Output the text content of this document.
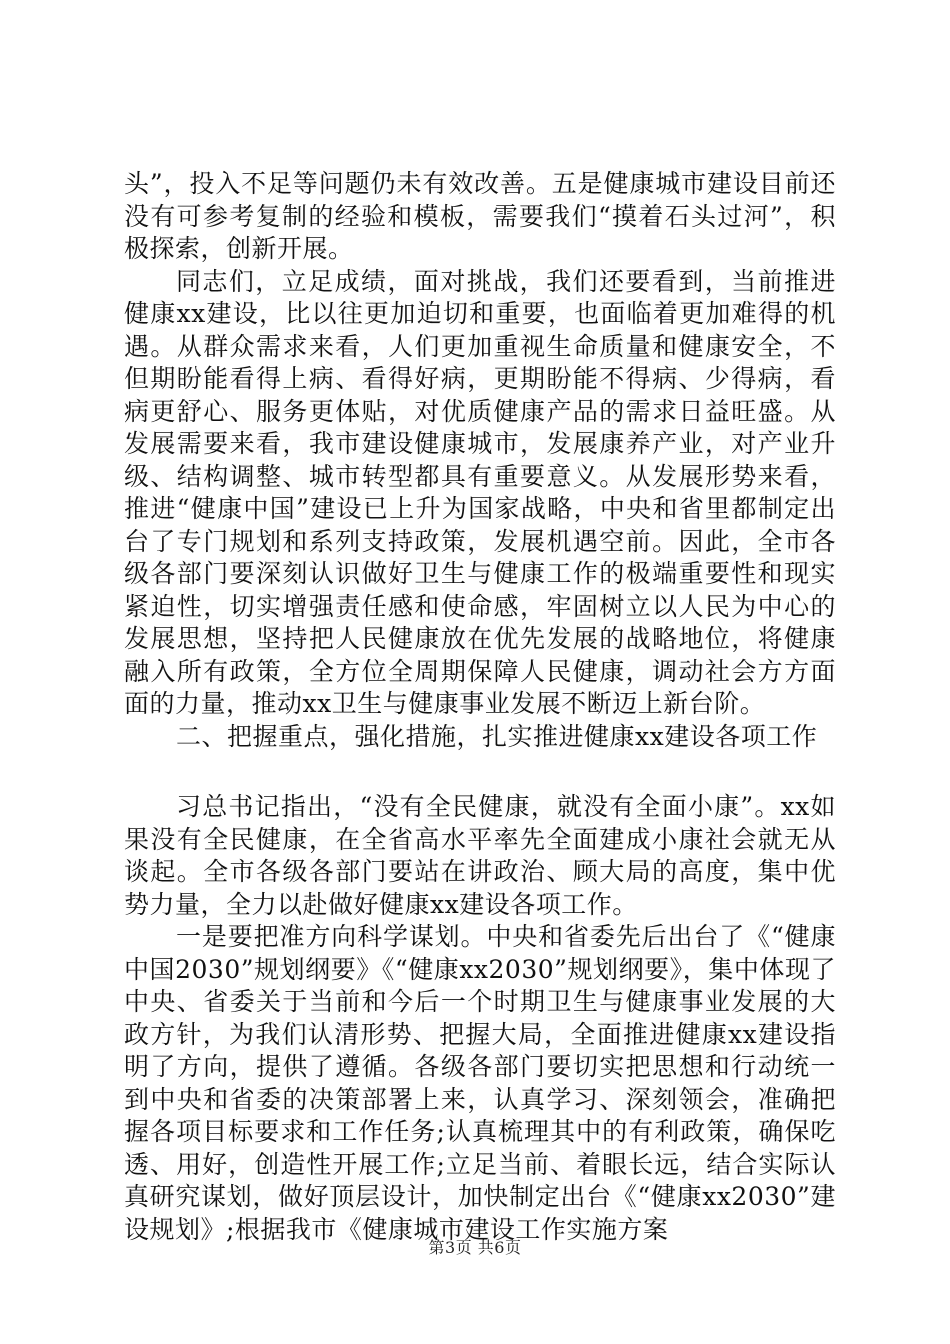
头”，投入不足等问题仍未有效改善。五是健康城市建设目前还没有可参考复制的经验和模板，需要我们“摸着石头过河”，积极探索，创新开展。

同志们，立足成绩，面对挑战，我们还要看到，当前推进健康xx建设，比以往更加迫切和重要，也面临着更加难得的机遇。从群众需求来看，人们更加重视生命质量和健康安全，不但期盼能看得上病、看得好病，更期盼能不得病、少得病，看病更舒心、服务更体贴，对优质健康产品的需求日益旺盛。从发展需要来看，我市建设健康城市，发展康养产业，对产业升级、结构调整、城市转型都具有重要意义。从发展形势来看，推进“健康中国”建设已上升为国家战略，中央和省里都制定出台了专门规划和系列支持政策，发展机遇空前。因此，全市各级各部门要深刻认识做好卫生与健康工作的极端重要性和现实紧迫性，切实增强责任感和使命感，牢固树立以人民为中心的发展思想，坚持把人民健康放在优先发展的战略地位，将健康融入所有政策，全方位全周期保障人民健康，调动社会方方面面的力量，推动xx卫生与健康事业发展不断迈上新台阶。

二、把握重点，强化措施，扎实推进健康xx建设各项工作

习总书记指出，“没有全民健康，就没有全面小康”。xx如果没有全民健康，在全省高水平率先全面建成小康社会就无从谈起。全市各级各部门要站在讲政治、顾大局的高度，集中优势力量，全力以赴做好健康xx建设各项工作。

一是要把准方向科学谋划。中央和省委先后出台了《“健康中国2030”规划纲要》《“健康xx2030”规划纲要》，集中体现了中央、省委关于当前和今后一个时期卫生与健康事业发展的大政方针，为我们认清形势、把握大局，全面推进健康xx建设指明了方向，提供了遵循。各级各部门要切实把思想和行动统一到中央和省委的决策部署上来，认真学习、深刻领会，准确把握各项目标要求和工作任务;认真梳理其中的有利政策，确保吃透、用好，创造性开展工作;立足当前、着眼长远，结合实际认真研究谋划，做好顶层设计，加快制定出台《“健康xx2030”建设规划》;根据我市《健康城市建设工作实施方案

第3页 共6页
